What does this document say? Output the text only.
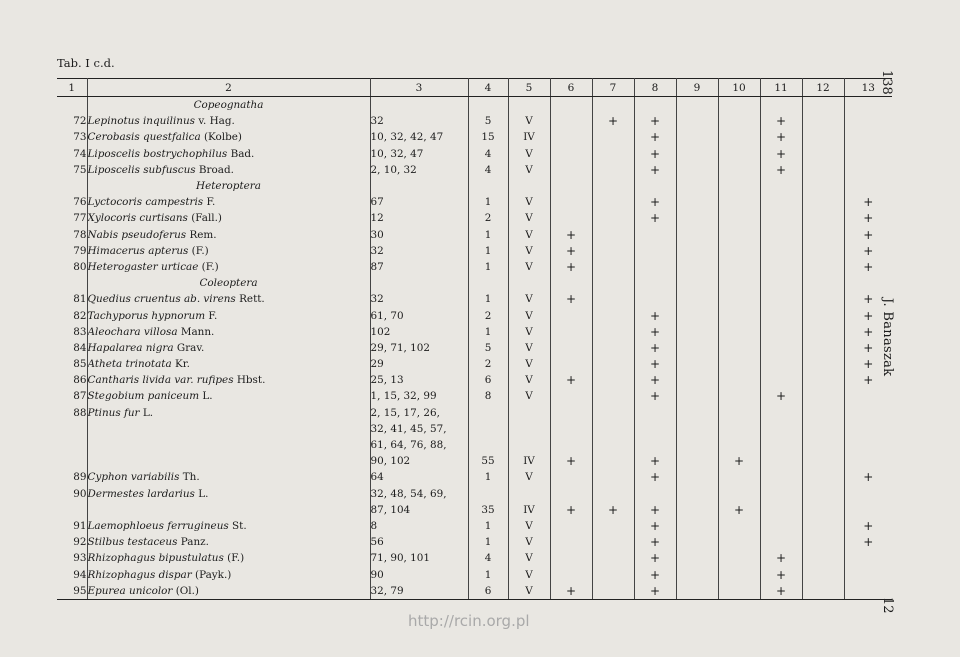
Tab. I c.d.
138
J. Banaszak
12
1	2	3	4	5	6	7	8	9	10	11	12	13
	Copeognatha											
72	Lepinotus inquilinus v. Hag.	32	5	V		+	+			+		
73	Cerobasis questfalica (Kolbe)	10, 32, 42, 47	15	IV			+			+		
74	Liposcelis bostrychophilus Bad.	10, 32, 47	4	V			+			+		
75	Liposcelis subfuscus Broad.	2, 10, 32	4	V			+			+		
	Heteroptera											
76	Lyctocoris campestris F.	67	1	V			+					+
77	Xylocoris curtisans (Fall.)	12	2	V			+					+
78	Nabis pseudoferus Rem.	30	1	V	+							+
79	Himacerus apterus (F.)	32	1	V	+							+
80	Heterogaster urticae (F.)	87	1	V	+							+
	Coleoptera											
81	Quedius cruentus ab. virens Rett.	32	1	V	+							+
82	Tachyporus hypnorum F.	61, 70	2	V			+					+
83	Aleochara villosa Mann.	102	1	V			+					+
84	Hapalarea nigra Grav.	29, 71, 102	5	V			+					+
85	Atheta trinotata Kr.	29	2	V			+					+
86	Cantharis livida var. rufipes Hbst.	25, 13	6	V	+		+					+
87	Stegobium paniceum L.	1, 15, 32, 99	8	V			+			+		
88	Ptinus fur L.	2, 15, 17, 26,										
		32, 41, 45, 57,										
		61, 64, 76, 88,										
		90, 102	55	IV	+		+		+			
89	Cyphon variabilis Th.	64	1	V			+					+
90	Dermestes lardarius L.	32, 48, 54, 69,										
		87, 104	35	IV	+	+	+		+			
91	Laemophloeus ferrugineus St.	8	1	V			+					+
92	Stilbus testaceus Panz.	56	1	V			+					+
93	Rhizophagus bipustulatus (F.)	71, 90, 101	4	V			+			+		
94	Rhizophagus dispar (Payk.)	90	1	V			+			+		
95	Epurea unicolor (Ol.)	32, 79	6	V	+		+			+		
http://rcin.org.pl
